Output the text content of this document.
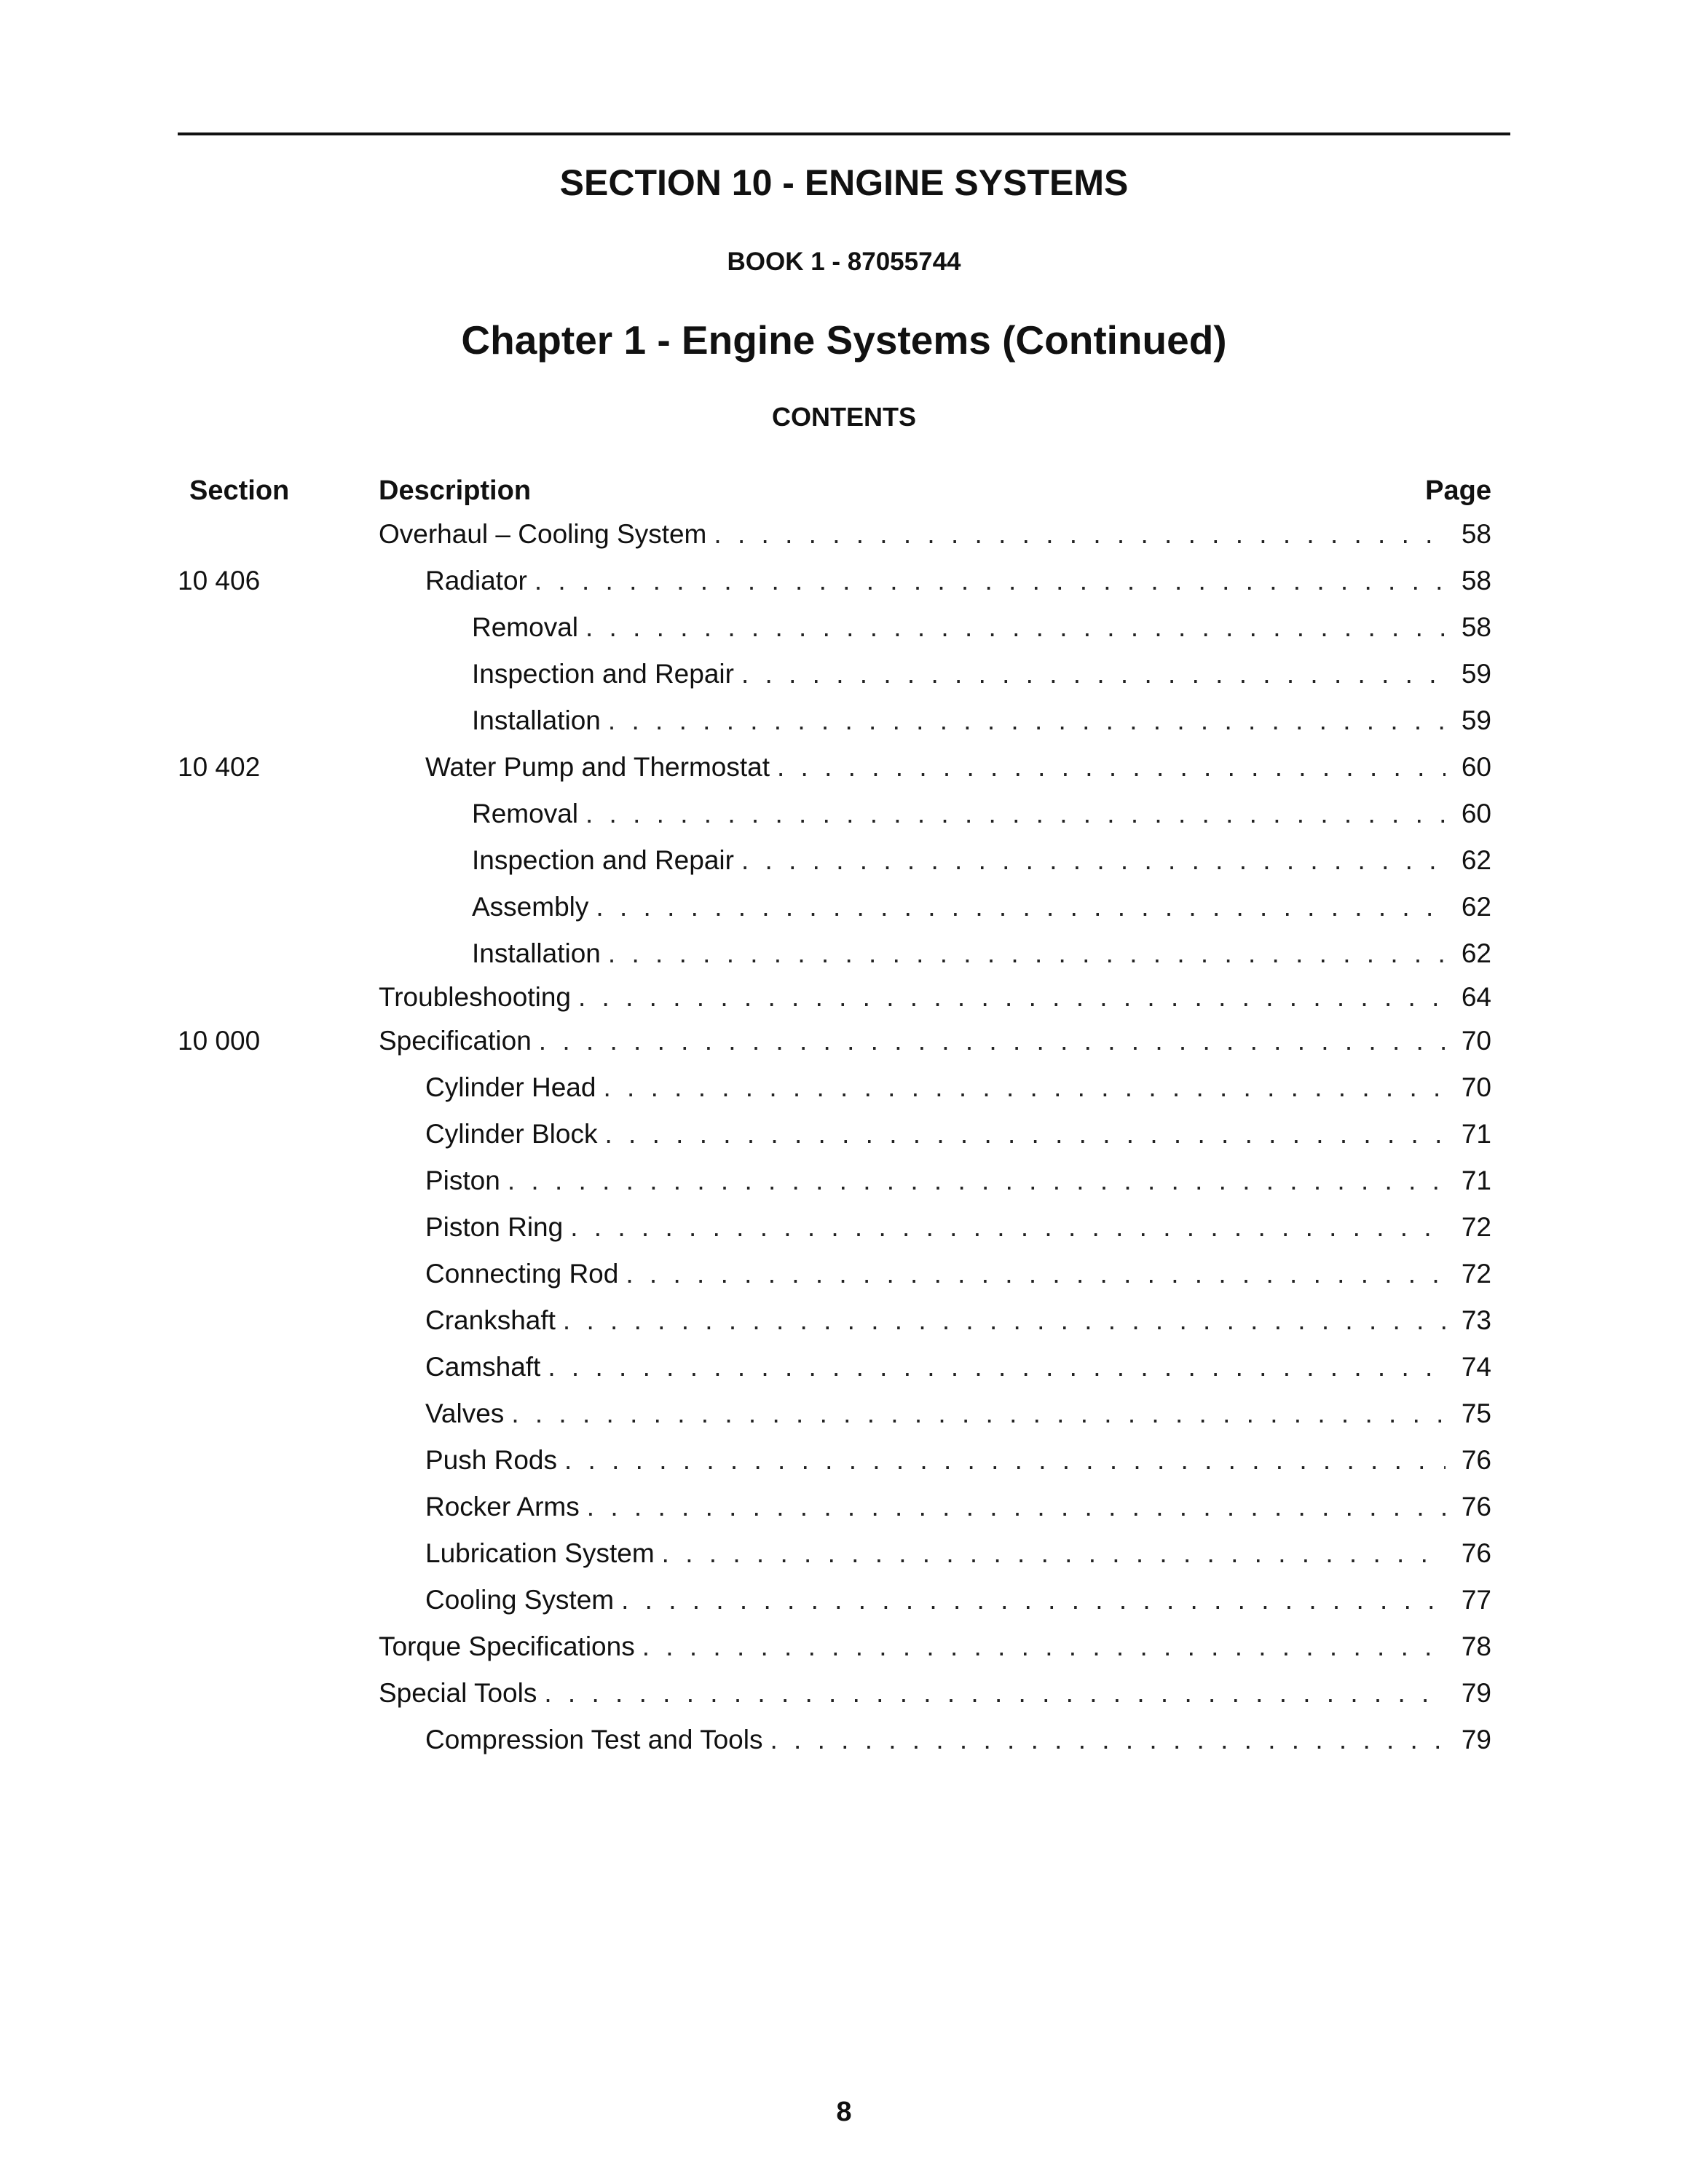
SECTION 10 - ENGINE SYSTEMS
BOOK 1 - 87055744
Chapter 1 - Engine Systems (Continued)
CONTENTS
Section	Description	Page
Overhaul – Cooling System . . .	58
10 406	Radiator . . .	58
Removal . . .	58
Inspection and Repair . . .	59
Installation . . .	59
10 402	Water Pump and Thermostat . . .	60
Removal . . .	60
Inspection and Repair . . .	62
Assembly . . .	62
Installation . . .	62
Troubleshooting . . .	64
10 000	Specification . . .	70
Cylinder Head . . .	70
Cylinder Block . . .	71
Piston . . .	71
Piston Ring . . .	72
Connecting Rod . . .	72
Crankshaft . . .	73
Camshaft . . .	74
Valves . . .	75
Push Rods . . .	76
Rocker Arms . . .	76
Lubrication System . . .	76
Cooling System . . .	77
Torque Specifications . . .	78
Special Tools . . .	79
Compression Test and Tools . . .	79
8
